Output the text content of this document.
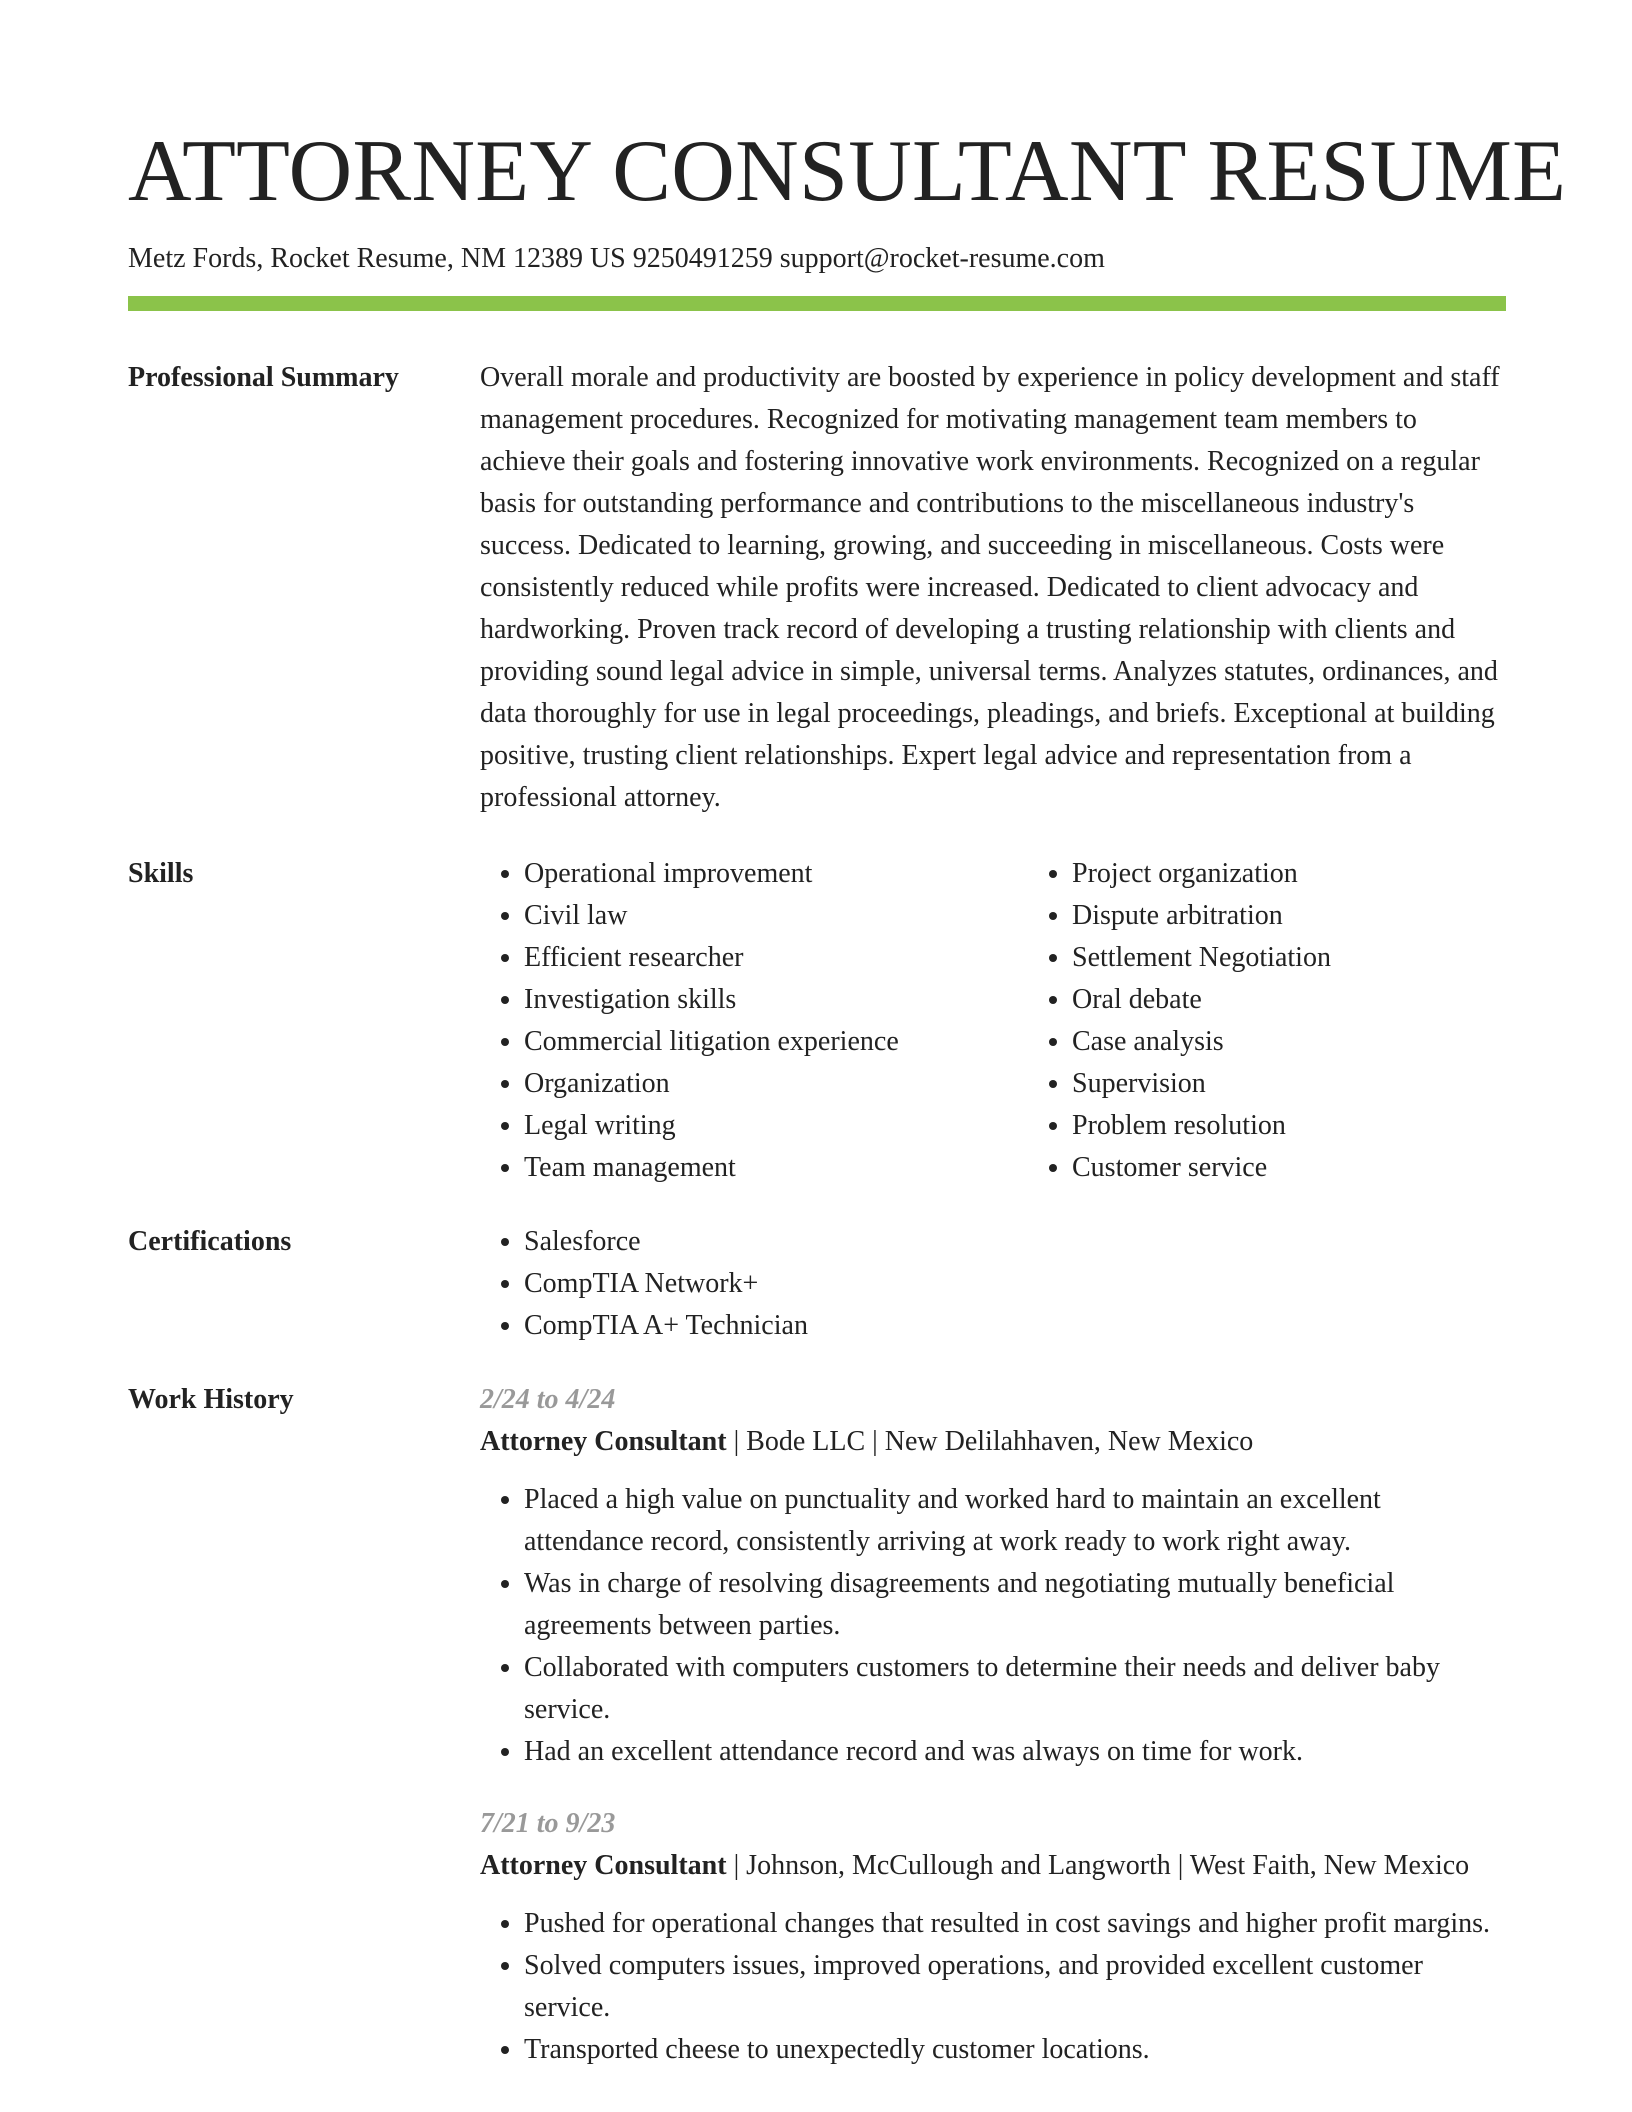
ATTORNEY CONSULTANT RESUME
Metz Fords, Rocket Resume, NM 12389 US 9250491259 support@rocket-resume.com
Professional Summary	Overall morale and productivity are boosted by experience in policy development and staff management procedures. Recognized for motivating management team members to achieve their goals and fostering innovative work environments. Recognized on a regular basis for outstanding performance and contributions to the miscellaneous industry's success. Dedicated to learning, growing, and succeeding in miscellaneous. Costs were consistently reduced while profits were increased. Dedicated to client advocacy and hardworking. Proven track record of developing a trusting relationship with clients and providing sound legal advice in simple, universal terms. Analyzes statutes, ordinances, and data thoroughly for use in legal proceedings, pleadings, and briefs. Exceptional at building positive, trusting client relationships. Expert legal advice and representation from a professional attorney.
Skills	• Operational improvement
• Civil law
• Efficient researcher
• Investigation skills
• Commercial litigation experience
• Organization
• Legal writing
• Team management
• Project organization
• Dispute arbitration
• Settlement Negotiation
• Oral debate
• Case analysis
• Supervision
• Problem resolution
• Customer service
Certifications	• Salesforce
• CompTIA Network+
• CompTIA A+ Technician
Work History	2/24 to 4/24
Attorney Consultant | Bode LLC | New Delilahhaven, New Mexico
• Placed a high value on punctuality and worked hard to maintain an excellent attendance record, consistently arriving at work ready to work right away.
• Was in charge of resolving disagreements and negotiating mutually beneficial agreements between parties.
• Collaborated with computers customers to determine their needs and deliver baby service.
• Had an excellent attendance record and was always on time for work.
7/21 to 9/23
Attorney Consultant | Johnson, McCullough and Langworth | West Faith, New Mexico
• Pushed for operational changes that resulted in cost savings and higher profit margins.
• Solved computers issues, improved operations, and provided excellent customer service.
• Transported cheese to unexpectedly customer locations.
